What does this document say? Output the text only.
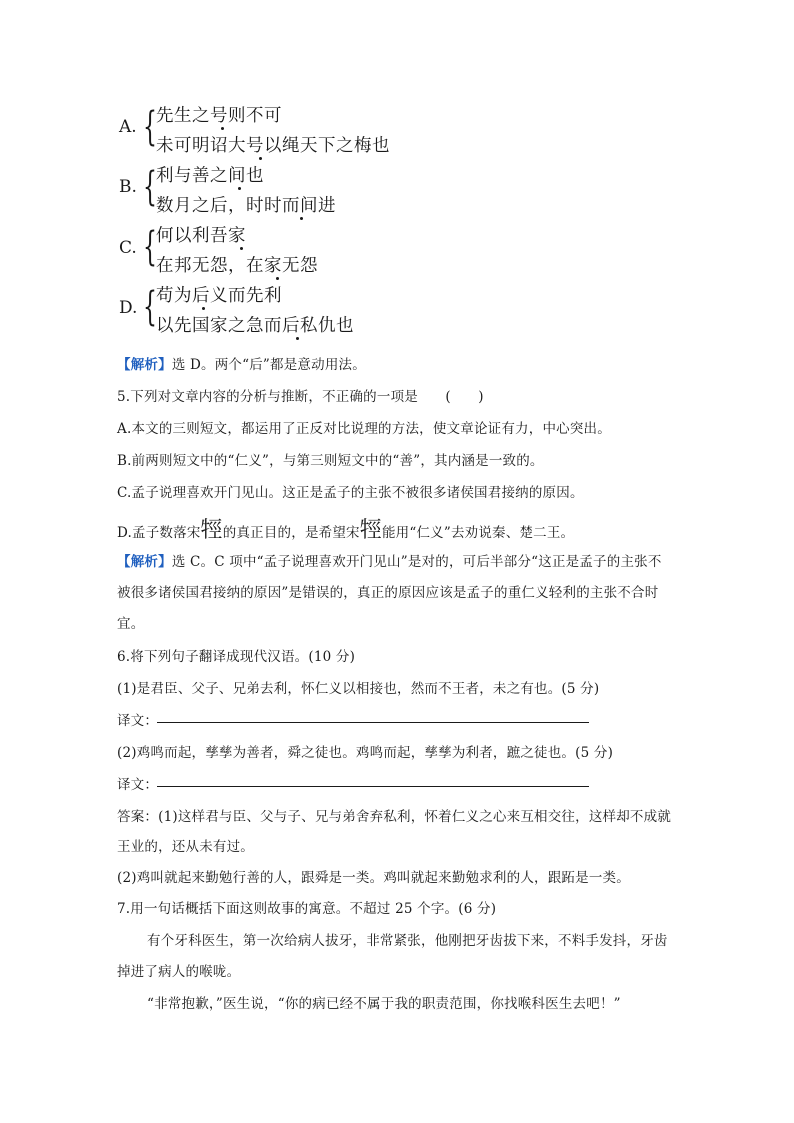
A. { 先生之号则不可
未可明诏大号以绳天下之梅也
B. { 利与善之间也
数月之后，时时而间进
C. { 何以利吾家
在邦无怨，在家无怨
D. { 苟为后义而先利
以先国家之急而后私仇也
【解析】选 D。两个“后”都是意动用法。
5.下列对文章内容的分析与推断，不正确的一项是　　(　　)
A.本文的三则短文，都运用了正反对比说理的方法，使文章论证有力，中心突出。
B.前两则短文中的“仁义”，与第三则短文中的“善”，其内涵是一致的。
C.孟子说理喜欢开门见山。这正是孟子的主张不被很多诸侯国君接纳的原因。
D.孟子数落宋牼的真正目的，是希望宋牼能用“仁义”去劝说秦、楚二王。
【解析】选 C。C 项中“孟子说理喜欢开门见山”是对的，可后半部分“这正是孟子的主张不
被很多诸侯国君接纳的原因”是错误的，真正的原因应该是孟子的重仁义轻利的主张不合时
宜。
6.将下列句子翻译成现代汉语。(10 分)
(1)是君臣、父子、兄弟去利，怀仁义以相接也，然而不王者，未之有也。(5 分)
译文：
(2)鸡鸣而起，孳孳为善者，舜之徒也。鸡鸣而起，孳孳为利者，蹠之徒也。(5 分)
译文：
答案：(1)这样君与臣、父与子、兄与弟舍弃私利，怀着仁义之心来互相交往，这样却不成就
王业的，还从未有过。
(2)鸡叫就起来勤勉行善的人，跟舜是一类。鸡叫就起来勤勉求利的人，跟跖是一类。
7.用一句话概括下面这则故事的寓意。不超过 25 个字。(6 分)
有个牙科医生，第一次给病人拔牙，非常紧张，他刚把牙齿拔下来，不料手发抖，牙齿
掉进了病人的喉咙。
“非常抱歉，”医生说，“你的病已经不属于我的职责范围，你找喉科医生去吧！”
